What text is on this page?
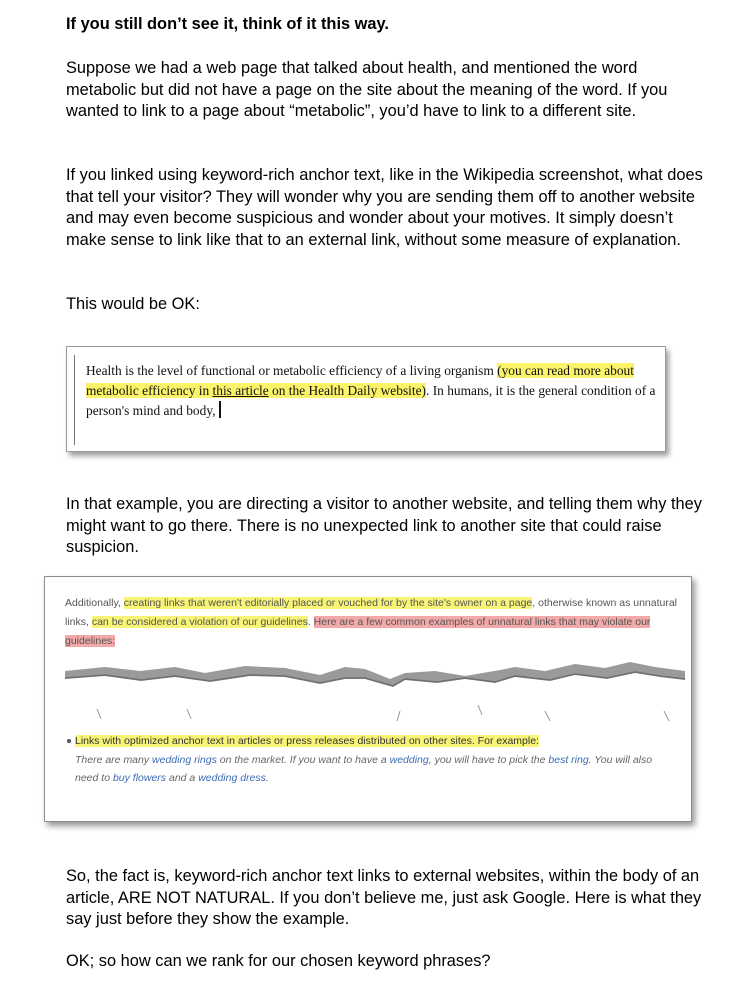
If you still don’t see it, think of it this way.

Suppose we had a web page that talked about health, and mentioned the word metabolic but did not have a page on the site about the meaning of the word. If you wanted to link to a page about “metabolic”, you’d have to link to a different site.

If you linked using keyword-rich anchor text, like in the Wikipedia screenshot, what does that tell your visitor? They will wonder why you are sending them off to another website and may even become suspicious and wonder about your motives. It simply doesn’t make sense to link like that to an external link, without some measure of explanation.

This would be OK:

Health is the level of functional or metabolic efficiency of a living organism (you can read more about metabolic efficiency in this article on the Health Daily website). In humans, it is the general condition of a person's mind and body,

In that example, you are directing a visitor to another website, and telling them why they might want to go there. There is no unexpected link to another site that could raise suspicion.

Additionally, creating links that weren't editorially placed or vouched for by the site's owner on a page, otherwise known as unnatural links, can be considered a violation of our guidelines. Here are a few common examples of unnatural links that may violate our guidelines:
Links with optimized anchor text in articles or press releases distributed on other sites. For example:
There are many wedding rings on the market. If you want to have a wedding, you will have to pick the best ring. You will also need to buy flowers and a wedding dress.

So, the fact is, keyword-rich anchor text links to external websites, within the body of an article, ARE NOT NATURAL. If you don’t believe me, just ask Google. Here is what they say just before they show the example.

OK; so how can we rank for our chosen keyword phrases?
